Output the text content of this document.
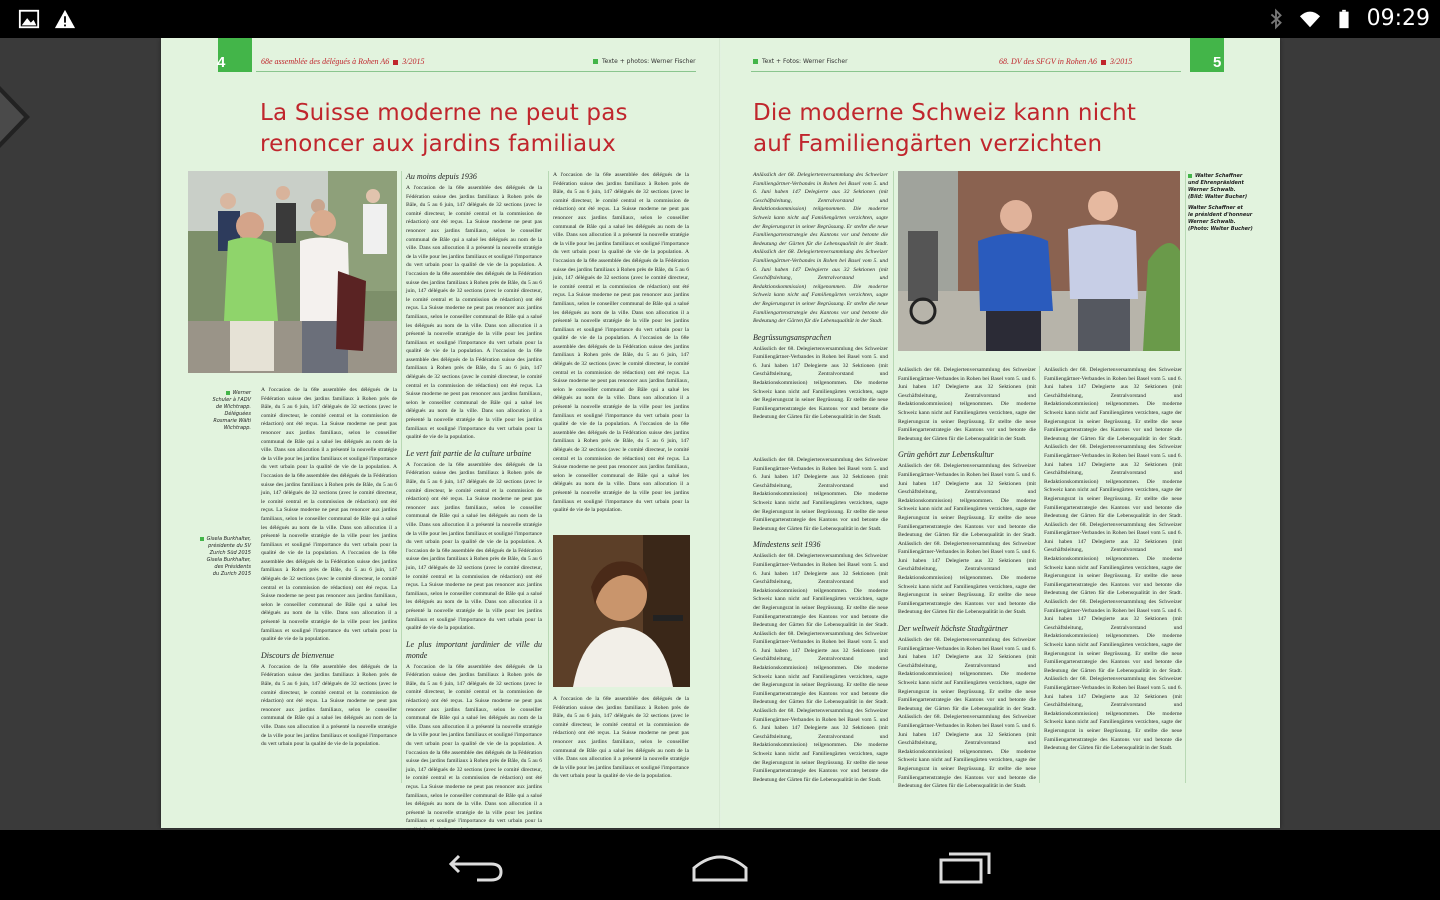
09:29
4	68e assemblée des délégués à Rohen A6 3/2015	Texte + photos: Werner Fischer	5
Text + Fotos: Werner Fischer	68. DV des SFGV in Rohen A6 3/2015
La Suisse moderne ne peut pas
renoncer aux jardins familiaux
Die moderne Schweiz kann nicht
auf Familiengärten verzichten
Werner
Schuler à l'ADV
de Wichtrapp.
Déléguées
Rosmarie Wälti
Wichtrapp.
Gisela Burkhalter,
présidente du SV
Zurich Süd 2015
Gisela Burkhalter,
des Présidents
du Zurich 2015
A l'occasion de la 68e assemblée des délégués de la Fédération suisse des jardins familiaux à Rohen près de Bâle, du 5 au 6 juin, 147 délégués de 32 sections (avec le comité directeur, le comité central et la commission de rédaction) ont été reçus. La Suisse moderne ne peut pas renoncer aux jardins familiaux, selon le conseiller communal de Bâle qui a salué les délégués au nom de la ville. Dans son allocution il a présenté la nouvelle stratégie de la ville pour les jardins familiaux et souligné l'importance du vert urbain pour la qualité de vie de la population. A l'occasion de la 68e assemblée des délégués de la Fédération suisse des jardins familiaux à Rohen près de Bâle, du 5 au 6 juin, 147 délégués de 32 sections (avec le comité directeur, le comité central et la commission de rédaction) ont été reçus. La Suisse moderne ne peut pas renoncer aux jardins familiaux, selon le conseiller communal de Bâle qui a salué les délégués au nom de la ville. Dans son allocution il a présenté la nouvelle stratégie de la ville pour les jardins familiaux et souligné l'importance du vert urbain pour la qualité de vie de la population. A l'occasion de la 68e assemblée des délégués de la Fédération suisse des jardins familiaux à Rohen près de Bâle, du 5 au 6 juin, 147 délégués de 32 sections (avec le comité directeur, le comité central et la commission de rédaction) ont été reçus. La Suisse moderne ne peut pas renoncer aux jardins familiaux, selon le conseiller communal de Bâle qui a salué les délégués au nom de la ville. Dans son allocution il a présenté la nouvelle stratégie de la ville pour les jardins familiaux et souligné l'importance du vert urbain pour la qualité de vie de la population.
Discours de bienvenue
A l'occasion de la 68e assemblée des délégués de la Fédération suisse des jardins familiaux à Rohen près de Bâle, du 5 au 6 juin, 147 délégués de 32 sections (avec le comité directeur, le comité central et la commission de rédaction) ont été reçus. La Suisse moderne ne peut pas renoncer aux jardins familiaux, selon le conseiller communal de Bâle qui a salué les délégués au nom de la ville. Dans son allocution il a présenté la nouvelle stratégie de la ville pour les jardins familiaux et souligné l'importance du vert urbain pour la qualité de vie de la population.
Au moins depuis 1936
A l'occasion de la 68e assemblée des délégués de la Fédération suisse des jardins familiaux à Rohen près de Bâle, du 5 au 6 juin, 147 délégués de 32 sections (avec le comité directeur, le comité central et la commission de rédaction) ont été reçus. La Suisse moderne ne peut pas renoncer aux jardins familiaux, selon le conseiller communal de Bâle qui a salué les délégués au nom de la ville. Dans son allocution il a présenté la nouvelle stratégie de la ville pour les jardins familiaux et souligné l'importance du vert urbain pour la qualité de vie de la population. A l'occasion de la 68e assemblée des délégués de la Fédération suisse des jardins familiaux à Rohen près de Bâle, du 5 au 6 juin, 147 délégués de 32 sections (avec le comité directeur, le comité central et la commission de rédaction) ont été reçus. La Suisse moderne ne peut pas renoncer aux jardins familiaux, selon le conseiller communal de Bâle qui a salué les délégués au nom de la ville. Dans son allocution il a présenté la nouvelle stratégie de la ville pour les jardins familiaux et souligné l'importance du vert urbain pour la qualité de vie de la population. A l'occasion de la 68e assemblée des délégués de la Fédération suisse des jardins familiaux à Rohen près de Bâle, du 5 au 6 juin, 147 délégués de 32 sections (avec le comité directeur, le comité central et la commission de rédaction) ont été reçus. La Suisse moderne ne peut pas renoncer aux jardins familiaux, selon le conseiller communal de Bâle qui a salué les délégués au nom de la ville. Dans son allocution il a présenté la nouvelle stratégie de la ville pour les jardins familiaux et souligné l'importance du vert urbain pour la qualité de vie de la population.
Le vert fait partie de la culture urbaine
A l'occasion de la 68e assemblée des délégués de la Fédération suisse des jardins familiaux à Rohen près de Bâle, du 5 au 6 juin, 147 délégués de 32 sections (avec le comité directeur, le comité central et la commission de rédaction) ont été reçus. La Suisse moderne ne peut pas renoncer aux jardins familiaux, selon le conseiller communal de Bâle qui a salué les délégués au nom de la ville. Dans son allocution il a présenté la nouvelle stratégie de la ville pour les jardins familiaux et souligné l'importance du vert urbain pour la qualité de vie de la population. A l'occasion de la 68e assemblée des délégués de la Fédération suisse des jardins familiaux à Rohen près de Bâle, du 5 au 6 juin, 147 délégués de 32 sections (avec le comité directeur, le comité central et la commission de rédaction) ont été reçus. La Suisse moderne ne peut pas renoncer aux jardins familiaux, selon le conseiller communal de Bâle qui a salué les délégués au nom de la ville. Dans son allocution il a présenté la nouvelle stratégie de la ville pour les jardins familiaux et souligné l'importance du vert urbain pour la qualité de vie de la population.
Le plus important jardinier de ville du monde
A l'occasion de la 68e assemblée des délégués de la Fédération suisse des jardins familiaux à Rohen près de Bâle, du 5 au 6 juin, 147 délégués de 32 sections (avec le comité directeur, le comité central et la commission de rédaction) ont été reçus. La Suisse moderne ne peut pas renoncer aux jardins familiaux, selon le conseiller communal de Bâle qui a salué les délégués au nom de la ville. Dans son allocution il a présenté la nouvelle stratégie de la ville pour les jardins familiaux et souligné l'importance du vert urbain pour la qualité de vie de la population. A l'occasion de la 68e assemblée des délégués de la Fédération suisse des jardins familiaux à Rohen près de Bâle, du 5 au 6 juin, 147 délégués de 32 sections (avec le comité directeur, le comité central et la commission de rédaction) ont été reçus. La Suisse moderne ne peut pas renoncer aux jardins familiaux, selon le conseiller communal de Bâle qui a salué les délégués au nom de la ville. Dans son allocution il a présenté la nouvelle stratégie de la ville pour les jardins familiaux et souligné l'importance du vert urbain pour la
A l'occasion de la 68e assemblée des délégués de la Fédération suisse des jardins familiaux à Rohen près de Bâle, du 5 au 6 juin, 147 délégués de 32 sections (avec le comité directeur, le comité central et la commission de rédaction) ont été reçus. La Suisse moderne ne peut pas renoncer aux jardins familiaux, selon le conseiller communal de Bâle qui a salué les délégués au nom de la ville. Dans son allocution il a présenté la nouvelle stratégie de la ville pour les jardins familiaux et souligné l'importance du vert urbain pour la qualité de vie de la population. A l'occasion de la 68e assemblée des délégués de la Fédération suisse des jardins familiaux à Rohen près de Bâle, du 5 au 6 juin, 147 délégués de 32 sections (avec le comité directeur, le comité central et la commission de rédaction) ont été reçus. La Suisse moderne ne peut pas renoncer aux jardins familiaux, selon le conseiller communal de Bâle qui a salué les délégués au nom de la ville. Dans son allocution il a présenté la nouvelle stratégie de la ville pour les jardins familiaux et souligné l'importance du vert urbain pour la qualité de vie de la population. A l'occasion de la 68e assemblée des délégués de la Fédération suisse des jardins familiaux à Rohen près de Bâle, du 5 au 6 juin, 147 délégués de 32 sections (avec le comité directeur, le comité central et la commission de rédaction) ont été reçus. La Suisse moderne ne peut pas renoncer aux jardins familiaux, selon le conseiller communal de Bâle qui a salué les délégués au nom de la ville. Dans son allocution il a présenté la nouvelle stratégie de la ville pour les jardins familiaux et souligné l'importance du vert urbain pour la qualité de vie de la population. A l'occasion de la 68e assemblée des délégués de la Fédération suisse des jardins familiaux à Rohen près de Bâle, du 5 au 6 juin, 147 délégués de 32 sections (avec le comité directeur, le comité central et la commission de rédaction) ont été reçus. La Suisse moderne ne peut pas renoncer aux jardins familiaux, selon le conseiller communal de Bâle qui a salué les délégués au nom de la ville. Dans son allocution il a présenté la nouvelle stratégie de la ville pour les jardins familiaux et souligné l'importance du vert urbain pour la qualité de vie de la population.
A l'occasion de la 68e assemblée des délégués de la Fédération suisse des jardins familiaux à Rohen près de Bâle, du 5 au 6 juin, 147 délégués de 32 sections (avec le comité directeur, le comité central et la commission de rédaction) ont été reçus. La Suisse moderne ne peut pas renoncer aux jardins familiaux, selon le conseiller communal de Bâle qui a salué les délégués au nom de la ville. Dans son allocution il a présenté la nouvelle stratégie de la ville pour les jardins familiaux et souligné l'importance du vert urbain pour la qualité de vie de la population.
Anlässlich der 68. Delegiertenversammlung des Schweizer Familiengärtner-Verbandes in Rohen bei Basel vom 5. und 6. Juni haben 147 Delegierte aus 32 Sektionen (mit Geschäftsleitung, Zentralvorstand und Redaktionskommission) teilgenommen. Die moderne Schweiz kann nicht auf Familiengärten verzichten, sagte der Regierungsrat in seiner Begrüssung. Er stellte die neue Familiengartenstrategie des Kantons vor und betonte die Bedeutung der Gärten für die Lebensqualität in der Stadt. Anlässlich der 68. Delegiertenversammlung des Schweizer Familiengärtner-Verbandes in Rohen bei Basel vom 5. und 6. Juni haben 147 Delegierte aus 32 Sektionen (mit Geschäftsleitung, Zentralvorstand und Redaktionskommission) teilgenommen. Die moderne Schweiz kann nicht auf Familiengärten verzichten, sagte der Regierungsrat in seiner Begrüssung. Er stellte die neue Familiengartenstrategie des Kantons vor und betonte die Bedeutung der Gärten für die Lebensqualität in der Stadt.
Begrüssungsansprachen
Anlässlich der 68. Delegiertenversammlung des Schweizer Familiengärtner-Verbandes in Rohen bei Basel vom 5. und 6. Juni haben 147 Delegierte aus 32 Sektionen (mit Geschäftsleitung, Zentralvorstand und Redaktionskommission) teilgenommen. Die moderne Schweiz kann nicht auf Familiengärten verzichten, sagte der Regierungsrat in seiner Begrüssung. Er stellte die neue Familiengartenstrategie des Kantons vor und betonte die Bedeutung der Gärten für die Lebensqualität in der Stadt.
Anlässlich der 68. Delegiertenversammlung des Schweizer Familiengärtner-Verbandes in Rohen bei Basel vom 5. und 6. Juni haben 147 Delegierte aus 32 Sektionen (mit Geschäftsleitung, Zentralvorstand und Redaktionskommission) teilgenommen. Die moderne Schweiz kann nicht auf Familiengärten verzichten, sagte der Regierungsrat in seiner Begrüssung. Er stellte die neue Familiengartenstrategie des Kantons vor und betonte die Bedeutung der Gärten für die Lebensqualität in der Stadt.
Mindestens seit 1936
Anlässlich der 68. Delegiertenversammlung des Schweizer Familiengärtner-Verbandes in Rohen bei Basel vom 5. und 6. Juni haben 147 Delegierte aus 32 Sektionen (mit Geschäftsleitung, Zentralvorstand und Redaktionskommission) teilgenommen. Die moderne Schweiz kann nicht auf Familiengärten verzichten, sagte der Regierungsrat in seiner Begrüssung. Er stellte die neue Familiengartenstrategie des Kantons vor und betonte die Bedeutung der Gärten für die Lebensqualität in der Stadt. Anlässlich der 68. Delegiertenversammlung des Schweizer Familiengärtner-Verbandes in Rohen bei Basel vom 5. und 6. Juni haben 147 Delegierte aus 32 Sektionen (mit Geschäftsleitung, Zentralvorstand und Redaktionskommission) teilgenommen. Die moderne Schweiz kann nicht auf Familiengärten verzichten, sagte der Regierungsrat in seiner Begrüssung. Er stellte die neue Familiengartenstrategie des Kantons vor und betonte die Bedeutung der Gärten für die Lebensqualität in der Stadt. Anlässlich der 68. Delegiertenversammlung des Schweizer Familiengärtner-Verbandes in Rohen bei Basel vom 5. und 6. Juni haben 147 Delegierte aus 32 Sektionen (mit Geschäftsleitung, Zentralvorstand und Redaktionskommission) teilgenommen. Die moderne Schweiz kann nicht auf Familiengärten verzichten, sagte der Regierungsrat in seiner Begrüssung. Er stellte die neue Familiengartenstrategie des Kantons vor und betonte die Bedeutung der Gärten für die Lebensqualität in der Stadt.
Walter Schaffner
und Ehrenpräsident
Werner Schwalb.
(Bild: Walter Bucher)
Walter Schaffner et
le président d'honneur
Werner Schwalb.
(Photo: Walter Bucher)
Anlässlich der 68. Delegiertenversammlung des Schweizer Familiengärtner-Verbandes in Rohen bei Basel vom 5. und 6. Juni haben 147 Delegierte aus 32 Sektionen (mit Geschäftsleitung, Zentralvorstand und Redaktionskommission) teilgenommen. Die moderne Schweiz kann nicht auf Familiengärten verzichten, sagte der Regierungsrat in seiner Begrüssung. Er stellte die neue Familiengartenstrategie des Kantons vor und betonte die Bedeutung der Gärten für die Lebensqualität in der Stadt.
Grün gehört zur Lebenskultur
Anlässlich der 68. Delegiertenversammlung des Schweizer Familiengärtner-Verbandes in Rohen bei Basel vom 5. und 6. Juni haben 147 Delegierte aus 32 Sektionen (mit Geschäftsleitung, Zentralvorstand und Redaktionskommission) teilgenommen. Die moderne Schweiz kann nicht auf Familiengärten verzichten, sagte der Regierungsrat in seiner Begrüssung. Er stellte die neue Familiengartenstrategie des Kantons vor und betonte die Bedeutung der Gärten für die Lebensqualität in der Stadt. Anlässlich der 68. Delegiertenversammlung des Schweizer Familiengärtner-Verbandes in Rohen bei Basel vom 5. und 6. Juni haben 147 Delegierte aus 32 Sektionen (mit Geschäftsleitung, Zentralvorstand und Redaktionskommission) teilgenommen. Die moderne Schweiz kann nicht auf Familiengärten verzichten, sagte der Regierungsrat in seiner Begrüssung. Er stellte die neue Familiengartenstrategie des Kantons vor und betonte die Bedeutung der Gärten für die Lebensqualität in der Stadt.
Der weltweit höchste Stadtgärtner
Anlässlich der 68. Delegiertenversammlung des Schweizer Familiengärtner-Verbandes in Rohen bei Basel vom 5. und 6. Juni haben 147 Delegierte aus 32 Sektionen (mit Geschäftsleitung, Zentralvorstand und Redaktionskommission) teilgenommen. Die moderne Schweiz kann nicht auf Familiengärten verzichten, sagte der Regierungsrat in seiner Begrüssung. Er stellte die neue Familiengartenstrategie des Kantons vor und betonte die Bedeutung der Gärten für die Lebensqualität in der Stadt. Anlässlich der 68. Delegiertenversammlung des Schweizer Familiengärtner-Verbandes in Rohen bei Basel vom 5. und 6. Juni haben 147 Delegierte aus 32 Sektionen (mit Geschäftsleitung, Zentralvorstand und Redaktionskommission) teilgenommen. Die moderne Schweiz kann nicht auf Familiengärten verzichten, sagte der Regierungsrat in seiner Begrüssung. Er stellte die neue Familiengartenstrategie des Kantons vor und betonte die Bedeutung der Gärten für die Lebensqualität in der Stadt.
Anlässlich der 68. Delegiertenversammlung des Schweizer Familiengärtner-Verbandes in Rohen bei Basel vom 5. und 6. Juni haben 147 Delegierte aus 32 Sektionen (mit Geschäftsleitung, Zentralvorstand und Redaktionskommission) teilgenommen. Die moderne Schweiz kann nicht auf Familiengärten verzichten, sagte der Regierungsrat in seiner Begrüssung. Er stellte die neue Familiengartenstrategie des Kantons vor und betonte die Bedeutung der Gärten für die Lebensqualität in der Stadt. Anlässlich der 68. Delegiertenversammlung des Schweizer Familiengärtner-Verbandes in Rohen bei Basel vom 5. und 6. Juni haben 147 Delegierte aus 32 Sektionen (mit Geschäftsleitung, Zentralvorstand und Redaktionskommission) teilgenommen. Die moderne Schweiz kann nicht auf Familiengärten verzichten, sagte der Regierungsrat in seiner Begrüssung. Er stellte die neue Familiengartenstrategie des Kantons vor und betonte die Bedeutung der Gärten für die Lebensqualität in der Stadt. Anlässlich der 68. Delegiertenversammlung des Schweizer Familiengärtner-Verbandes in Rohen bei Basel vom 5. und 6. Juni haben 147 Delegierte aus 32 Sektionen (mit Geschäftsleitung, Zentralvorstand und Redaktionskommission) teilgenommen. Die moderne Schweiz kann nicht auf Familiengärten verzichten, sagte der Regierungsrat in seiner Begrüssung. Er stellte die neue Familiengartenstrategie des Kantons vor und betonte die Bedeutung der Gärten für die Lebensqualität in der Stadt. Anlässlich der 68. Delegiertenversammlung des Schweizer Familiengärtner-Verbandes in Rohen bei Basel vom 5. und 6. Juni haben 147 Delegierte aus 32 Sektionen (mit Geschäftsleitung, Zentralvorstand und Redaktionskommission) teilgenommen. Die moderne Schweiz kann nicht auf Familiengärten verzichten, sagte der Regierungsrat in seiner Begrüssung. Er stellte die neue Familiengartenstrategie des Kantons vor und betonte die Bedeutung der Gärten für die Lebensqualität in der Stadt. Anlässlich der 68. Delegiertenversammlung des Schweizer Familiengärtner-Verbandes in Rohen bei Basel vom 5. und 6. Juni haben 147 Delegierte aus 32 Sektionen (mit Geschäftsleitung, Zentralvorstand und Redaktionskommission) teilgenommen. Die moderne Schweiz kann nicht auf Familiengärten verzichten, sagte der Regierungsrat in seiner Begrüssung. Er stellte die neue Familiengartenstrategie des Kantons vor und betonte die Bedeutung der Gärten für die Lebensqualität in der Stadt.
